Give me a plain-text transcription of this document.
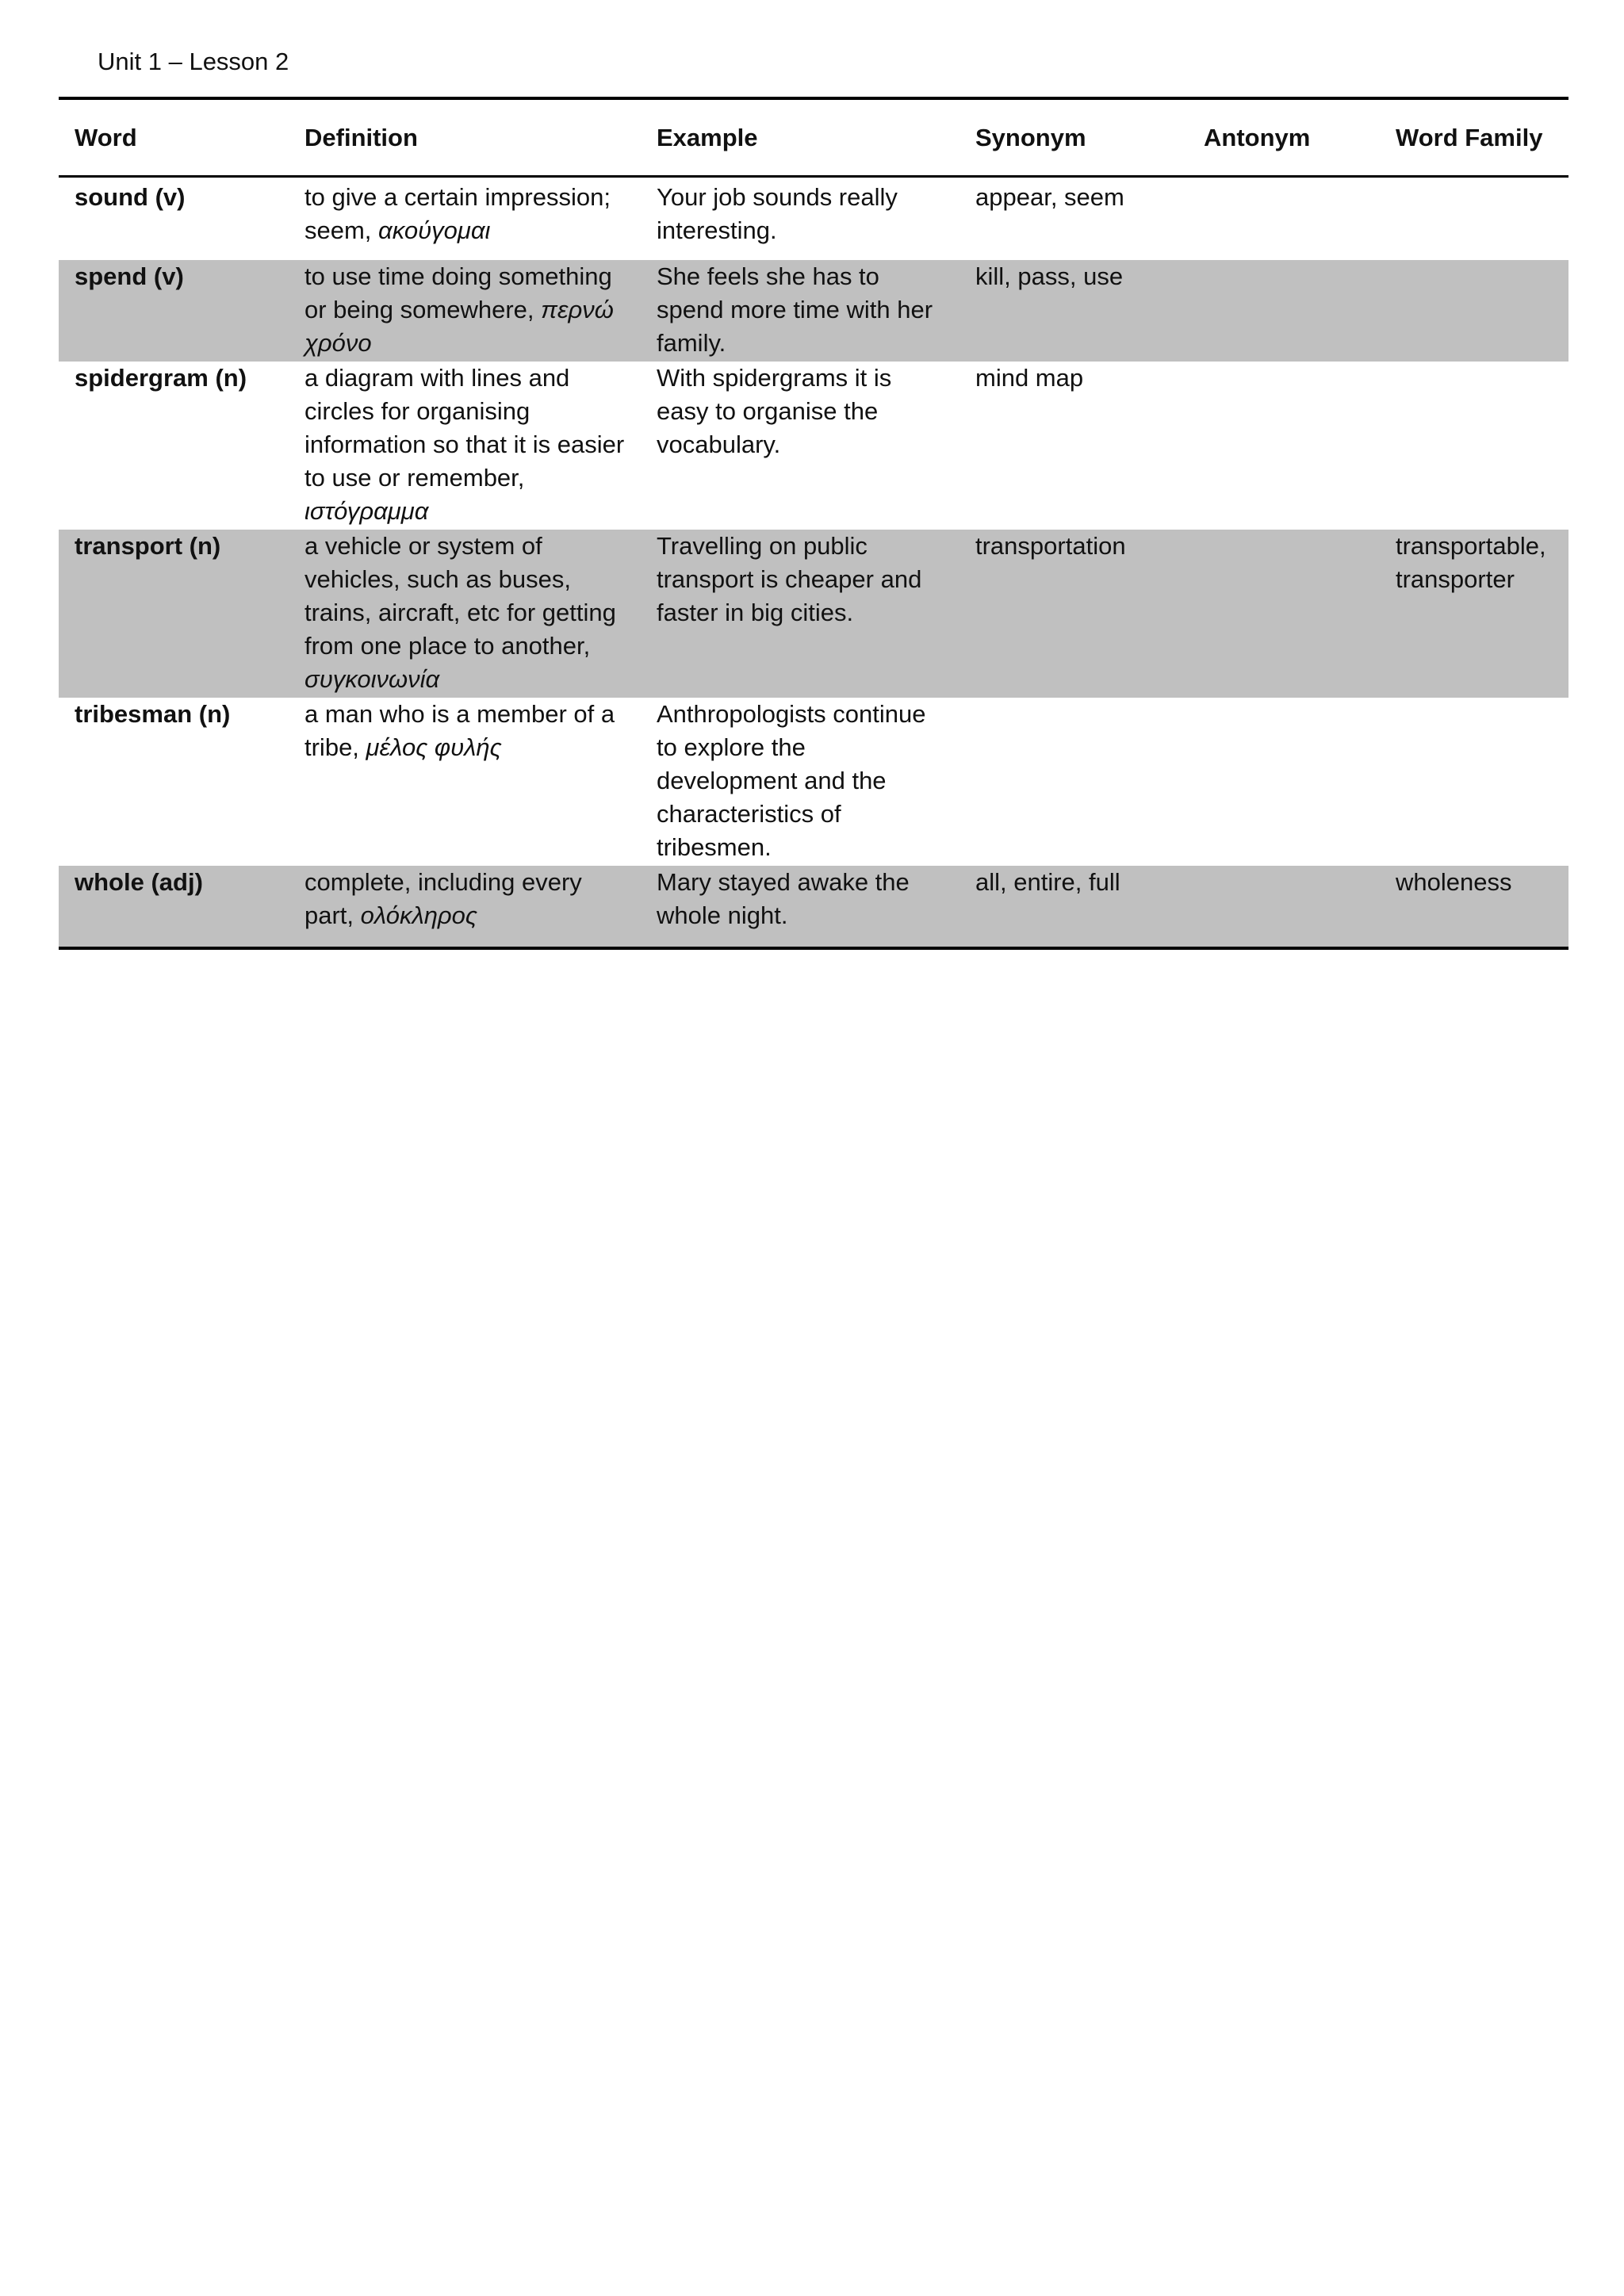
Unit 1 – Lesson 2
Word	Definition	Example	Synonym	Antonym	Word Family
sound (v)	to give a certain impression; seem, ακούγομαι	Your job sounds really interesting.	appear, seem		
spend (v)	to use time doing something or being somewhere, περνώ χρόνο	She feels she has to spend more time with her family.	kill, pass, use		
spidergram (n)	a diagram with lines and circles for organising information so that it is easier to use or remember, ιστόγραμμα	With spidergrams it is easy to organise the vocabulary.	mind map		
transport (n)	a vehicle or system of vehicles, such as buses, trains, aircraft, etc for getting from one place to another, συγκοινωνία	Travelling on public transport is cheaper and faster in big cities.	transportation		transportable, transporter
tribesman (n)	a man who is a member of a tribe, μέλος φυλής	Anthropologists continue to explore the development and the characteristics of tribesmen.			
whole (adj)	complete, including every part, ολόκληρος	Mary stayed awake the whole night.	all, entire, full		wholeness
